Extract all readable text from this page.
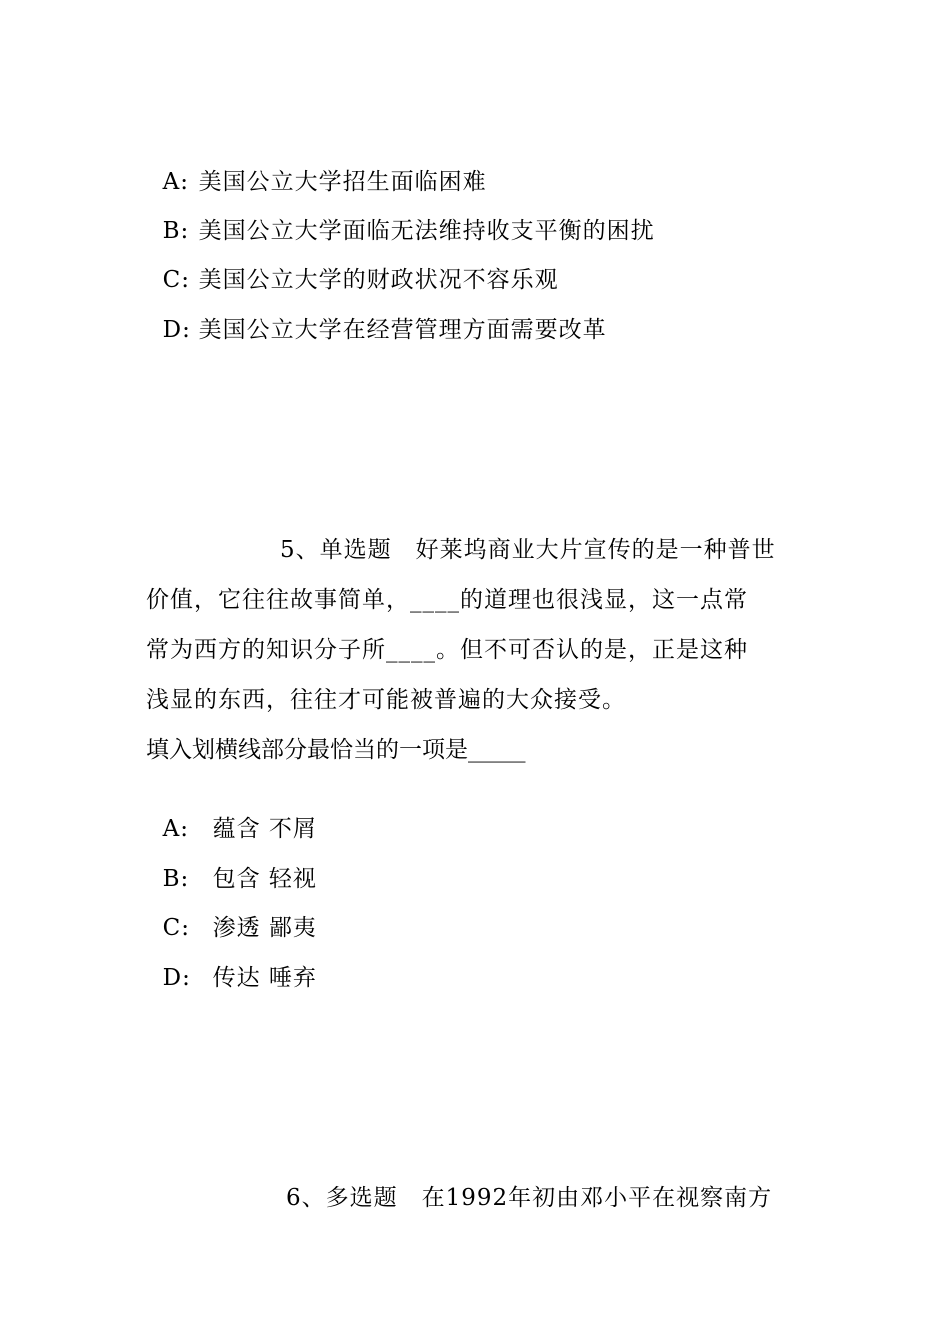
A: 美国公立大学招生面临困难

B: 美国公立大学面临无法维持收支平衡的困扰

C: 美国公立大学的财政状况不容乐观

D: 美国公立大学在经营管理方面需要改革

5、单选题　好莱坞商业大片宣传的是一种普世
价值，它往往故事简单，____的道理也很浅显，这一点常
常为西方的知识分子所____。但不可否认的是，正是这种
浅显的东西，往往才可能被普遍的大众接受。
填入划横线部分最恰当的一项是_____

A: 蕴含 不屑

B: 包含 轻视

C: 渗透 鄙夷

D: 传达 唾弃

6、多选题　在1992年初由邓小平在视察南方
